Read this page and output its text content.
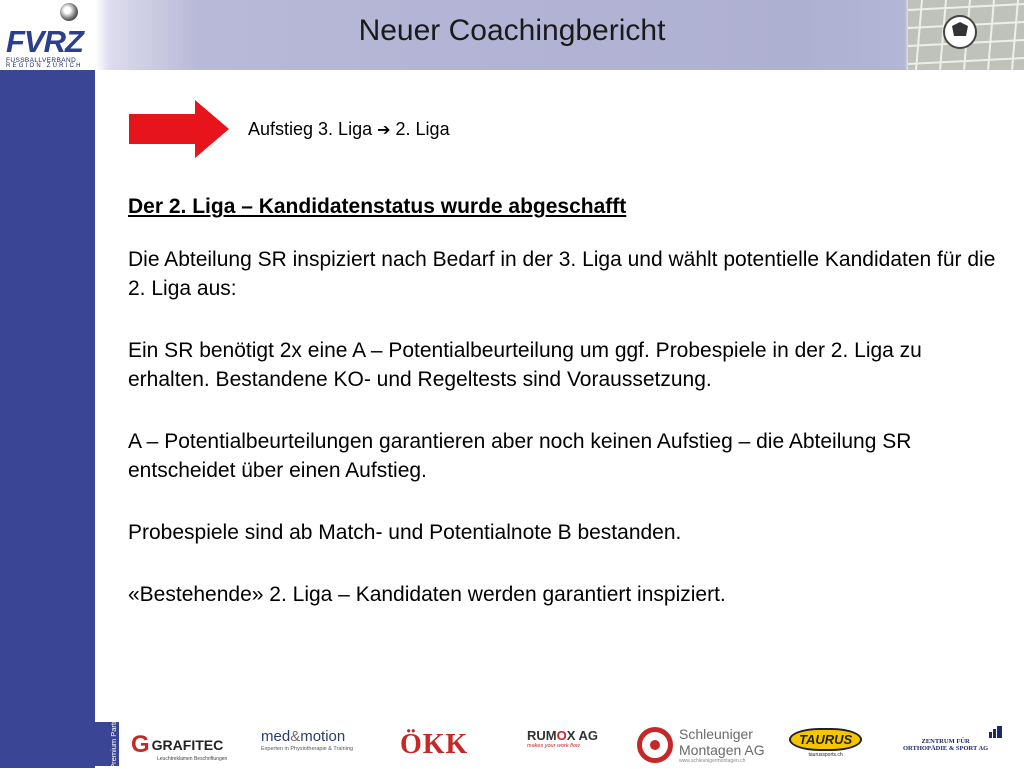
FVRZ
FUSSBALLVERBAND
REGION ZÜRICH
Neuer Coachingbericht
Aufstieg 3. Liga ➔ 2. Liga

Der 2. Liga – Kandidatenstatus wurde abgeschafft

Die Abteilung SR inspiziert nach Bedarf in der 3. Liga und wählt potentielle Kandidaten für die 2. Liga aus:

Ein SR benötigt 2x eine A – Potentialbeurteilung um ggf. Probespiele in der 2. Liga zu erhalten. Bestandene KO- und Regeltests sind Voraussetzung.

A – Potentialbeurteilungen garantieren aber noch keinen Aufstieg – die Abteilung SR entscheidet über einen Aufstieg.

Probespiele sind ab Match- und Potentialnote B bestanden.

«Bestehende» 2. Liga – Kandidaten werden garantiert inspiziert.

Premium Partner G GRAFITEC
Leuchtreklamen Beschriftungen
med&motion
Experten in Physiotherapie & Training ÖKK	RUMOX AG
makes your work flow
Schleuniger
Montagen AG
www.schleunigermontagen.ch
TAURUS
taurussports.ch
ZENTRUM FÜR
ORTHOPÄDIE & SPORT AG
